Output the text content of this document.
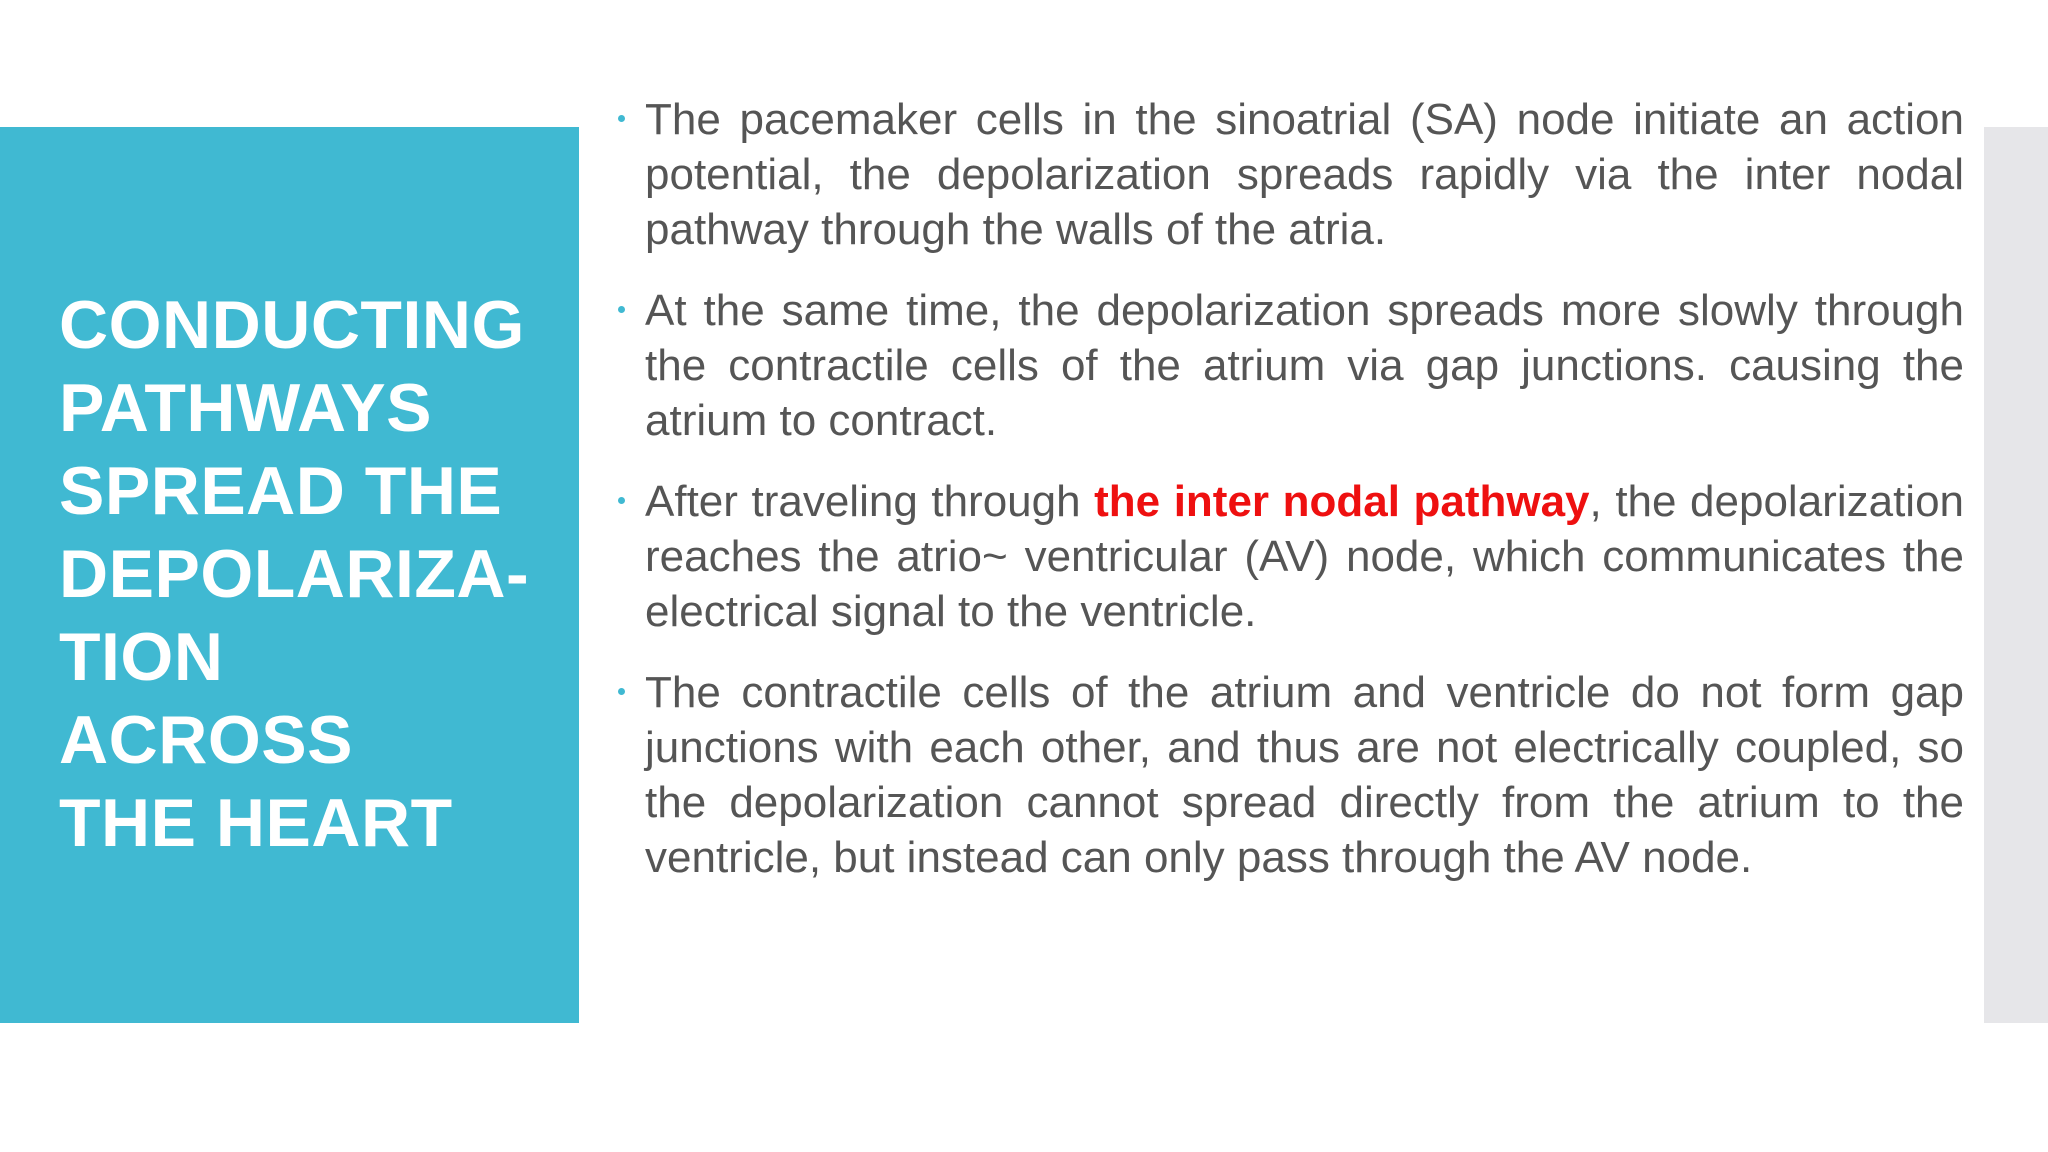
CONDUCTING
PATHWAYS
SPREAD THE
DEPOLARIZA-
TION
ACROSS
THE HEART
The pacemaker cells in the sinoatrial (SA) node initiate an action potential, the depolarization spreads rapidly via the inter nodal pathway through the walls of the atria.
At the same time, the depolarization spreads more slowly through the contractile cells of the atrium via gap junctions. causing the atrium to contract.
After traveling through the inter nodal pathway, the depolarization reaches the atrio~ ventricular (AV) node, which communicates the electrical signal to the ventricle.
The contractile cells of the atrium and ventricle do not form gap junctions with each other, and thus are not electrically coupled, so the depolarization cannot spread directly from the atrium to the ventricle, but instead can only pass through the AV node.
